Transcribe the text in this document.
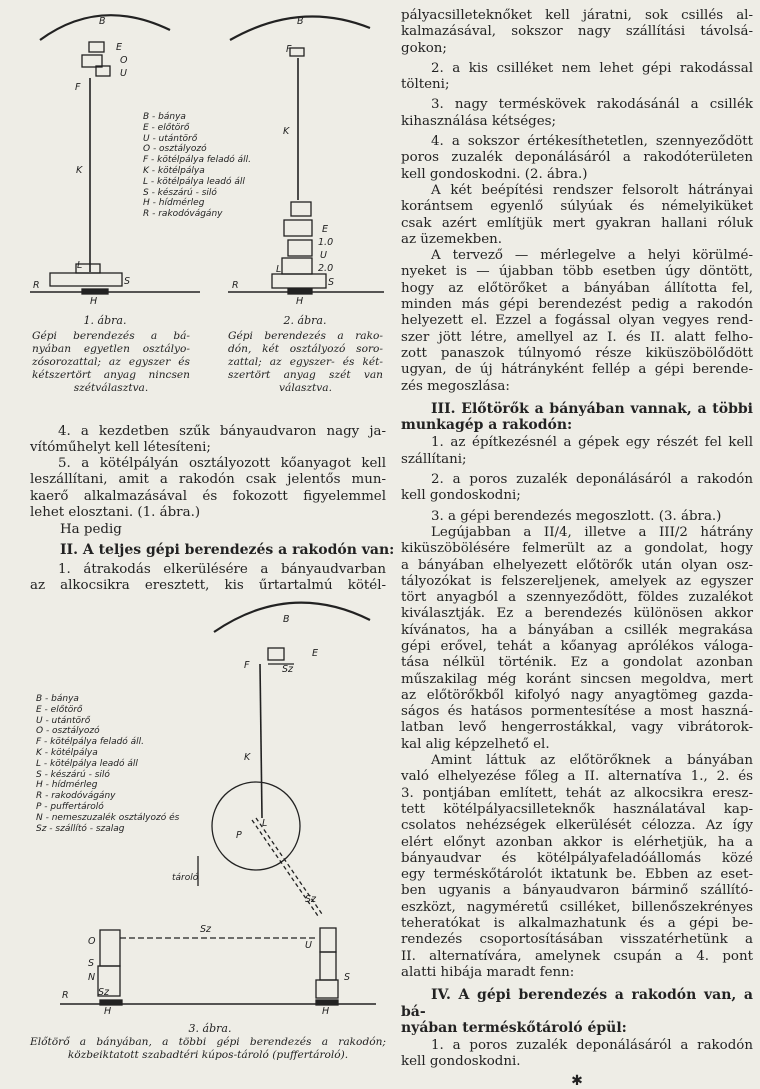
B
E
O
U
F
K
L
S
R
H
B
F
K
E
1.0
U
2.0
L
S
R
H
B
F
E
Sz
K
P
L
Sz
Sz
O	U
S
N
Sz
S
H
R
H
B - bánya
E - előtörő
U - utántörő
O - osztályozó
F - kötélpálya feladó áll.
K - kötélpálya
L - kötélpálya leadó áll
S - készárú - siló
H - hídmérleg
R - rakodóvágány
1. ábra.
Gépi berendezés a bá-
nyában egyetlen osztályo-
zósorozattal; az egyszer és
kétszertört anyag nincsen
szétválasztva.
2. ábra.
Gépi berendezés a rako-
dón, két osztályozó soro-
zattal; az egyszer- és két-
szertört anyag szét van
választva.
4. a kezdetben szűk bányaudvaron nagy ja-
vítóműhelyt kell létesíteni;
5. a kötélpályán osztályozott kőanyagot kell
leszállítani, amit a rakodón csak jelentős mun-
kaerő alkalmazásával és fokozott figyelemmel
lehet elosztani. (1. ábra.)
Ha pedig
II. A teljes gépi berendezés a rakodón van:
1. átrakodás elkerülésére a bányaudvarban
az alkocsikra eresztett, kis űrtartalmú kötél-
B - bánya
E - előtörő
U - utántörő
O - osztályozó
F - kötélpálya feladó áll.
K - kötélpálya
L - kötélpálya leadó áll
S - készárú - siló
H - hídmérleg
R - rakodóvágány
P - puffertároló
N - nemeszuzalék osztályozó és
Sz - szállító - szalag
tároló
3. ábra.
Előtörő a bányában, a többi gépi berendezés a rakodón;
közbeiktatott szabadtéri kúpos-tároló (puffertároló).
pályacsilleteknőket kell járatni, sok csillés al-
kalmazásával, sokszor nagy szállítási távolsá-
gokon;
2. a kis csilléket nem lehet gépi rakodással
tölteni;
3. nagy terméskövek rakodásánál a csillék
kihasználása kétséges;
4. a sokszor értékesíthetetlen, szennyeződött
poros zuzalék deponálásáról a rakodóterületen
kell gondoskodni. (2. ábra.)
A két beépítési rendszer felsorolt hátrányai
korántsem egyenlő súlyúak és némelyiküket
csak azért említjük mert gyakran hallani róluk
az üzemekben.
A tervező — mérlegelve a helyi körülmé-
nyeket is — újabban több esetben úgy döntött,
hogy az előtörőket a bányában állította fel,
minden más gépi berendezést pedig a rakodón
helyezett el. Ezzel a fogással olyan vegyes rend-
szer jött létre, amellyel az I. és II. alatt felho-
zott panaszok túlnyomó része kiküszöbölődött
ugyan, de új hátrányként fellép a gépi berende-
zés megoszlása:
III. Előtörők a bányában vannak, a többi
munkagép a rakodón:
1. az építkezésnél a gépek egy részét fel kell
szállítani;
2. a poros zuzalék deponálásáról a rakodón
kell gondoskodni;
3. a gépi berendezés megoszlott. (3. ábra.)
Legújabban a II/4, illetve a III/2 hátrány
kiküszöbölésére felmerült az a gondolat, hogy
a bányában elhelyezett előtörők után olyan osz-
tályozókat is felszereljenek, amelyek az egyszer
tört anyagból a szennyeződött, földes zuzalékot
kiválasztják. Ez a berendezés különösen akkor
kívánatos, ha a bányában a csillék megrakása
gépi erővel, tehát a kőanyag aprólékos váloga-
tása nélkül történik. Ez a gondolat azonban
műszakilag még koránt sincsen megoldva, mert
az előtörőkből kifolyó nagy anyagtömeg gazda-
ságos és hatásos pormentesítése a most haszná-
latban levő hengerrostákkal, vagy vibrátorok-
kal alig képzelhető el.
Amint láttuk az előtörőknek a bányában
való elhelyezése főleg a II. alternatíva 1., 2. és
3. pontjában említett, tehát az alkocsikra eresz-
tett kötélpályacsilleteknők használatával kap-
csolatos nehézségek elkerülését célozza. Az így
elért előnyt azonban akkor is elérhetjük, ha a
bányaudvar és kötélpályafeladóállomás közé
egy terméskőtárolót iktatunk be. Ebben az eset-
ben ugyanis a bányaudvaron bárminő szállító-
eszközt, nagyméretű csilléket, billenőszekrényes
teheratókat is alkalmazhatunk és a gépi be-
rendezés csoportosításában visszatérhetünk a
II. alternatívára, amelynek csupán a 4. pont
alatti hibája maradt fenn:
IV. A gépi berendezés a rakodón van, a bá-
nyában terméskőtároló épül:
1. a poros zuzalék deponálásáról a rakodón
kell gondoskodni.
✱
